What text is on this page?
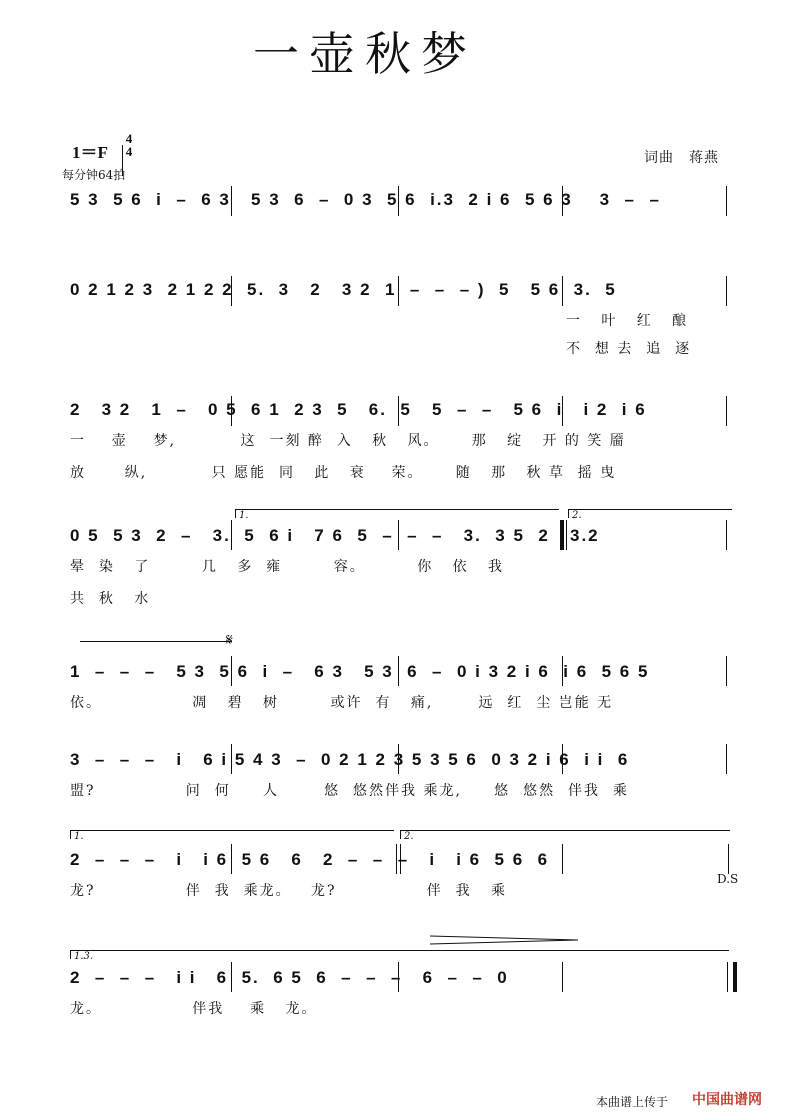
一壶秋梦
1＝F
4
4
每分钟64拍
词曲　蒋燕
5 3  5 6  i  –  6 3   5 3  6  –  0 3  5 6  i.3  2 i 6  5 6 3    3  –  –
0 2 1 2 3  2 1 2 2  5.  3   2   3 2  1  –  –  – )  5   5 6  3.  5
一   叶   红   酿
不  想 去  追  逐
2   3 2   1  –   0 5  6 1  2 3  5   6.  5   5  –  –   5 6  i   i 2  i 6
一    壶    梦,          这  一刻 醉  入   秋   风。     那   绽   开 的 笑 靥
放      纵,          只 愿能  同   此   衰    荣。     随   那   秋 草  摇 曳
1.	2.
0 5  5 3  2  –   3.  5  6 i   7 6  5  –  –  –   3.  3 5  2   3.2
晕  染   了        几   多  雍        容。        你   依   我
共  秋   水
𝄋
1  –  –  –   5 3  5 6  i  –   6 3   5 3  6  –  0 i 3 2 i 6  i 6  5 6 5
依。              凋   碧   树        或许  有   痛,       远  红  尘 岂能 无
3  –  –  –   i   6 i 5 4 3  –  0 2 1 2 3 5 3 5 6  0 3 2 i 6  i i  6
盟?              问  何     人       悠  悠然伴我 乘龙,     悠  悠然  伴我  乘
1.	2.
2  –  –  –   i   i 6  5 6   6   2  –  –  –   i   i 6  5 6  6
龙?              伴  我  乘龙。   龙?              伴  我   乘
D.S
1.3.
2  –  –  –   i i   6  5.  6 5  6  –  –  –   6  –  –  0
龙。              伴我    乘   龙。
本曲谱上传于 中国曲谱网
